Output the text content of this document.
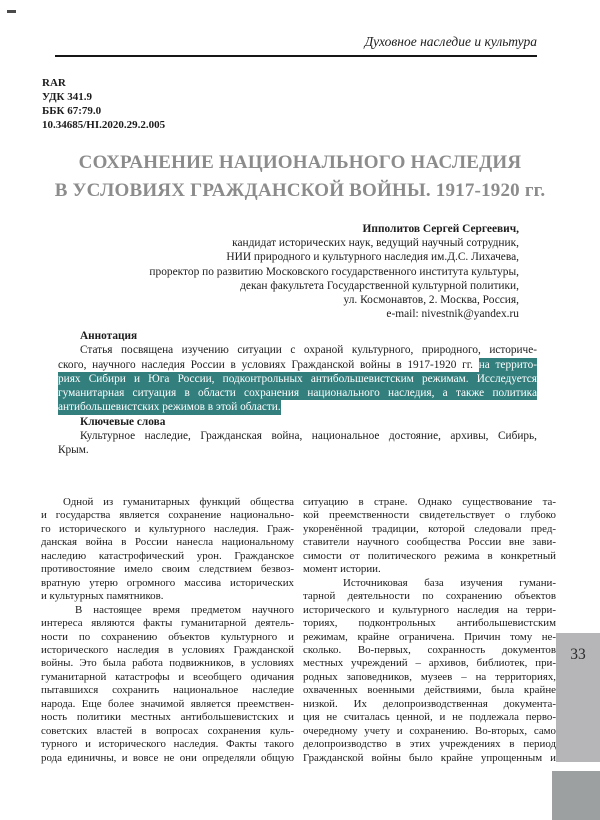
Духовное наследие и культура
RAR
УДК 341.9
ББК 67:79.0
10.34685/HI.2020.29.2.005
СОХРАНЕНИЕ НАЦИОНАЛЬНОГО НАСЛЕДИЯ
В УСЛОВИЯХ ГРАЖДАНСКОЙ ВОЙНЫ. 1917-1920 гг.
Ипполитов Сергей Сергеевич,
кандидат исторических наук, ведущий научный сотрудник,
НИИ природного и культурного наследия им.Д.С. Лихачева,
проректор по развитию Московского государственного института культуры,
декан факультета Государственной культурной политики,
ул. Космонавтов, 2. Москва, Россия,
e-mail: nivestnik@yandex.ru
Аннотация
Статья посвящена изучению ситуации с охраной культурного, природного, историче-
ского, научного наследия России в условиях Гражданской войны в 1917-1920 гг. на террито-
риях Сибири и Юга России, подконтрольных антибольшевистским режимам. Исследуется
гуманитарная ситуация в области сохранения национального наследия, а также политика
антибольшевистских режимов в этой области.
Ключевые слова
Культурное наследие, Гражданская война, национальное достояние, архивы, Сибирь,
Крым.
Одной из гуманитарных функций общества
и государства является сохранение национально-
го исторического и культурного наследия. Граж-
данская война в России нанесла национальному
наследию катастрофический урон. Гражданское
противостояние имело своим следствием безвоз-
вратную утерю огромного массива исторических
и культурных памятников.
В настоящее время предметом научного
интереса являются факты гуманитарной деятель-
ности по сохранению объектов культурного и
исторического наследия в условиях Гражданской
войны. Это была работа подвижников, в условиях
гуманитарной катастрофы и всеобщего одичания
пытавшихся сохранить национальное наследие
народа. Еще более значимой является преемствен-
ность политики местных антибольшевистских и
советских властей в вопросах сохранения куль-
турного и исторического наследия. Факты такого
рода единичны, и вовсе не они определяли общую
ситуацию в стране. Однако существование та-
кой преемственности свидетельствует о глубоко
укоренённой традиции, которой следовали пред-
ставители научного сообщества России вне зави-
симости от политического режима в конкретный
момент истории.
Источниковая база изучения гумани-
тарной деятельности по сохранению объектов
исторического и культурного наследия на терри-
ториях, подконтрольных антибольшевистским
режимам, крайне ограничена. Причин тому не-
сколько. Во-первых, сохранность документов
местных учреждений – архивов, библиотек, при-
родных заповедников, музеев – на территориях,
охваченных военными действиями, была крайне
низкой. Их делопроизводственная документа-
ция не считалась ценной, и не подлежала перво-
очередному учету и сохранению. Во-вторых, само
делопроизводство в этих учреждениях в период
Гражданской войны было крайне упрощенным и
33
